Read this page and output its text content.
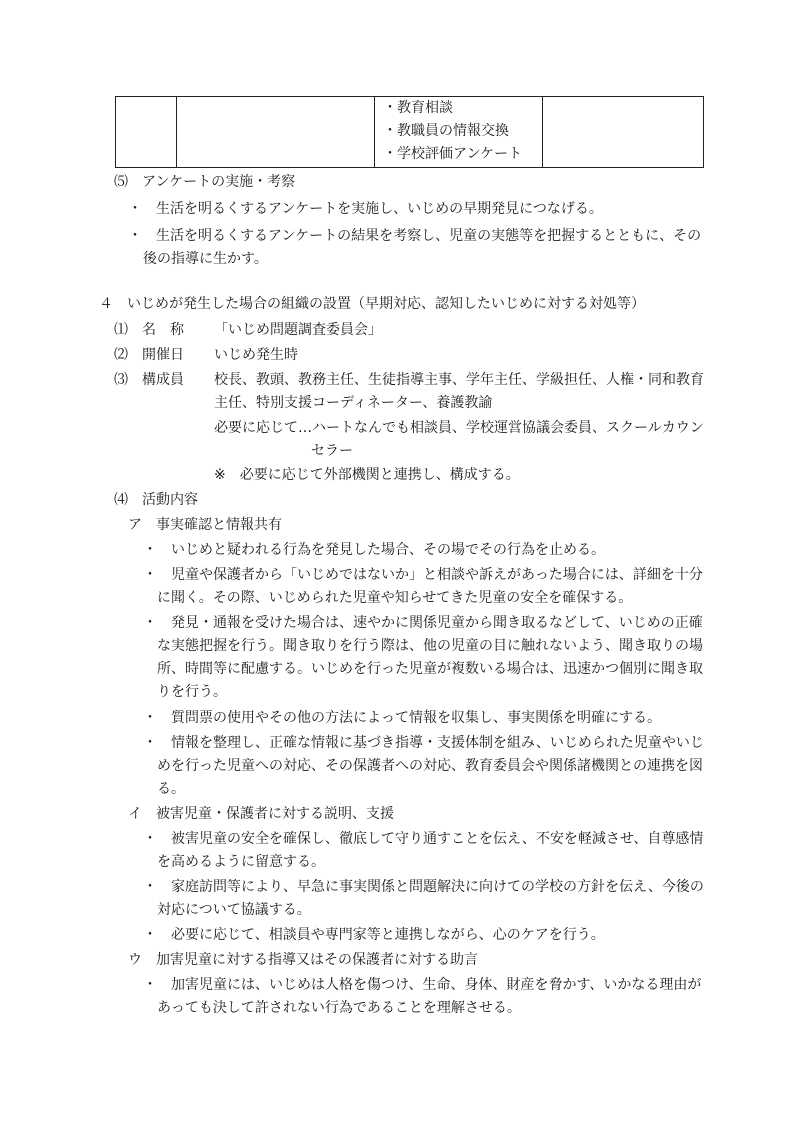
・教育相談
・教職員の情報交換
・学校評価アンケート

⑸　アンケートの実施・考察
・　生活を明るくするアンケートを実施し、いじめの早期発見につなげる。
・　生活を明るくするアンケートの結果を考察し、児童の実態等を把握するとともに、その
後の指導に生かす。
４　いじめが発生した場合の組織の設置（早期対応、認知したいじめに対する対処等）
⑴　名　称 「いじめ問題調査委員会」
⑵　開催日 いじめ発生時
⑶　構成員 校長、教頭、教務主任、生徒指導主事、学年主任、学級担任、人権・同和教育
主任、特別支援コーディネーター、養護教諭
必要に応じて…ハートなんでも相談員、学校運営協議会委員、スクールカウン
セラー
※　必要に応じて外部機関と連携し、構成する。
⑷　活動内容
ア　事実確認と情報共有
・　いじめと疑われる行為を発見した場合、その場でその行為を止める。
・　児童や保護者から「いじめではないか」と相談や訴えがあった場合には、詳細を十分
に聞く。その際、いじめられた児童や知らせてきた児童の安全を確保する。
・　発見・通報を受けた場合は、速やかに関係児童から聞き取るなどして、いじめの正確
な実態把握を行う。聞き取りを行う際は、他の児童の目に触れないよう、聞き取りの場
所、時間等に配慮する。いじめを行った児童が複数いる場合は、迅速かつ個別に聞き取
りを行う。
・　質問票の使用やその他の方法によって情報を収集し、事実関係を明確にする。
・　情報を整理し、正確な情報に基づき指導・支援体制を組み、いじめられた児童やいじ
めを行った児童への対応、その保護者への対応、教育委員会や関係諸機関との連携を図
る。
イ　被害児童・保護者に対する説明、支援
・　被害児童の安全を確保し、徹底して守り通すことを伝え、不安を軽減させ、自尊感情
を高めるように留意する。
・　家庭訪問等により、早急に事実関係と問題解決に向けての学校の方針を伝え、今後の
対応について協議する。
・　必要に応じて、相談員や専門家等と連携しながら、心のケアを行う。
ウ　加害児童に対する指導又はその保護者に対する助言
・　加害児童には、いじめは人格を傷つけ、生命、身体、財産を脅かす、いかなる理由が
あっても決して許されない行為であることを理解させる。
